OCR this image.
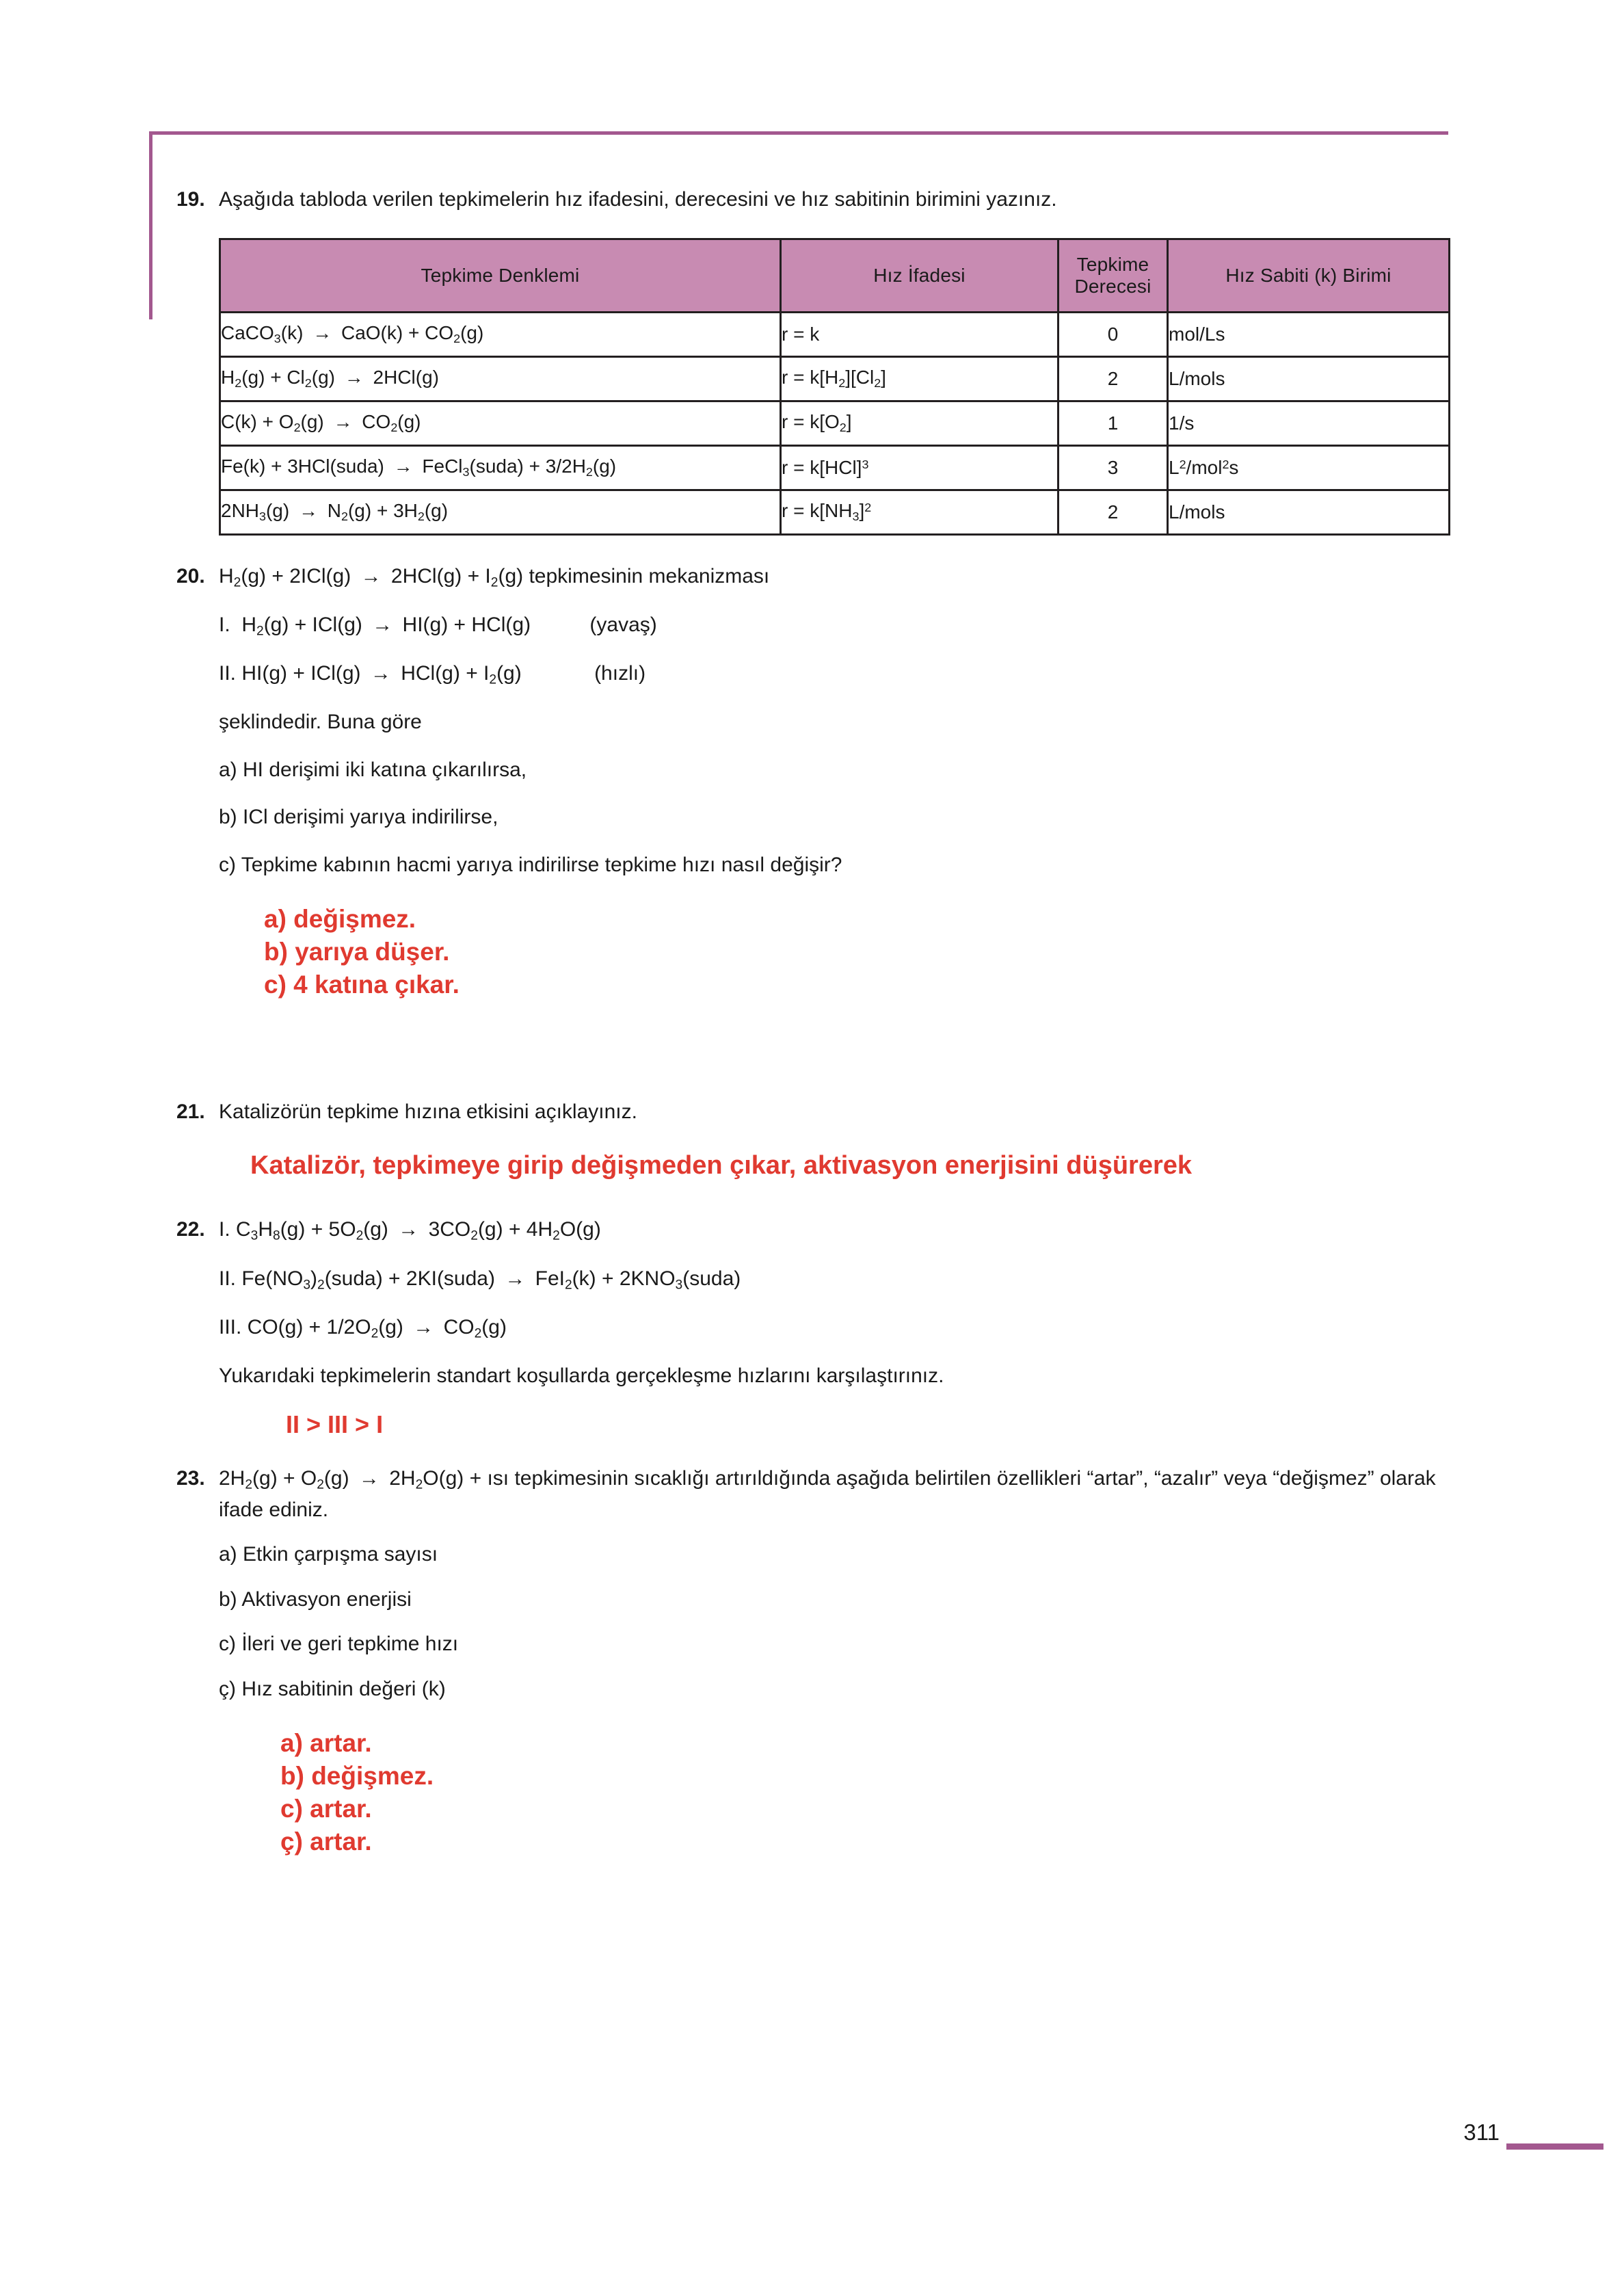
19. Aşağıda tabloda verilen tepkimelerin hız ifadesini, derecesini ve hız sabitinin birimini yazınız.
Tepkime Denklemi	Hız İfadesi	Tepkime Derecesi	Hız Sabiti (k) Birimi
CaCO$_3$(k) → $CaO(k) + CO_2(g)$	r = k	0	mol/Ls
$H_2(g) + Cl_2(g) \to 2HCl(g)$	$r = k[H_2][Cl_2]$	2	L/mols
$C(k) + O_2(g) \to CO_2(g)$	$r = k[O_2]$	1	1/s
Fe(k) + 3HCl(suda) → FeCl$_3$(suda) + $3/2H_2(g)$	r = k[HCl]$^3$	3	$L^2/mol^2s$
$2NH_3(g) \to N_2(g) + 3H_2(g)$	$r = k[NH_3]^2$	2	L/mols
20. $H_2(g) + 2ICl(g) \to 2HCl(g) + I_2(g)$ tepkimesinin mekanizması
I.  $H_2(g) + ICl(g) \to HI(g) + HCl(g)$	(yavaş)
II. $HI(g) + ICl(g) \to HCl(g) + I_2(g)$	(hızlı)
şeklindedir. Buna göre
a) HI derişimi iki katına çıkarılırsa,
b) ICl derişimi yarıya indirilirse,
c) Tepkime kabının hacmi yarıya indirilirse tepkime hızı nasıl değişir?
a) değişmez.
b) yarıya düşer.
c) 4 katına çıkar.
21. Katalizörün tepkime hızına etkisini açıklayınız.
Katalizör, tepkimeye girip değişmeden çıkar, aktivasyon enerjisini düşürerek
22. I. $C_3H_8(g) + 5O_2(g) \to 3CO_2(g) + 4H_2O(g)$
II. $Fe(NO_3)_2(suda)$ + 2KI(suda) → $FeI_2(k) + 2KNO_3(suda)$
III. $CO(g) + 1/2O_2(g) \to CO_2(g)$
Yukarıdaki tepkimelerin standart koşullarda gerçekleşme hızlarını karşılaştırınız.
II > III > I
23. $2H_2(g) + O_2(g) \to 2H_2O(g)$ + ısı tepkimesinin sıcaklığı artırıldığında aşağıda belirtilen özellikleri “artar”, “azalır” veya “değişmez” olarak ifade ediniz.
a) Etkin çarpışma sayısı
b) Aktivasyon enerjisi
c) İleri ve geri tepkime hızı
ç) Hız sabitinin değeri (k)
a) artar.
b) değişmez.
c) artar.
ç) artar.
311
